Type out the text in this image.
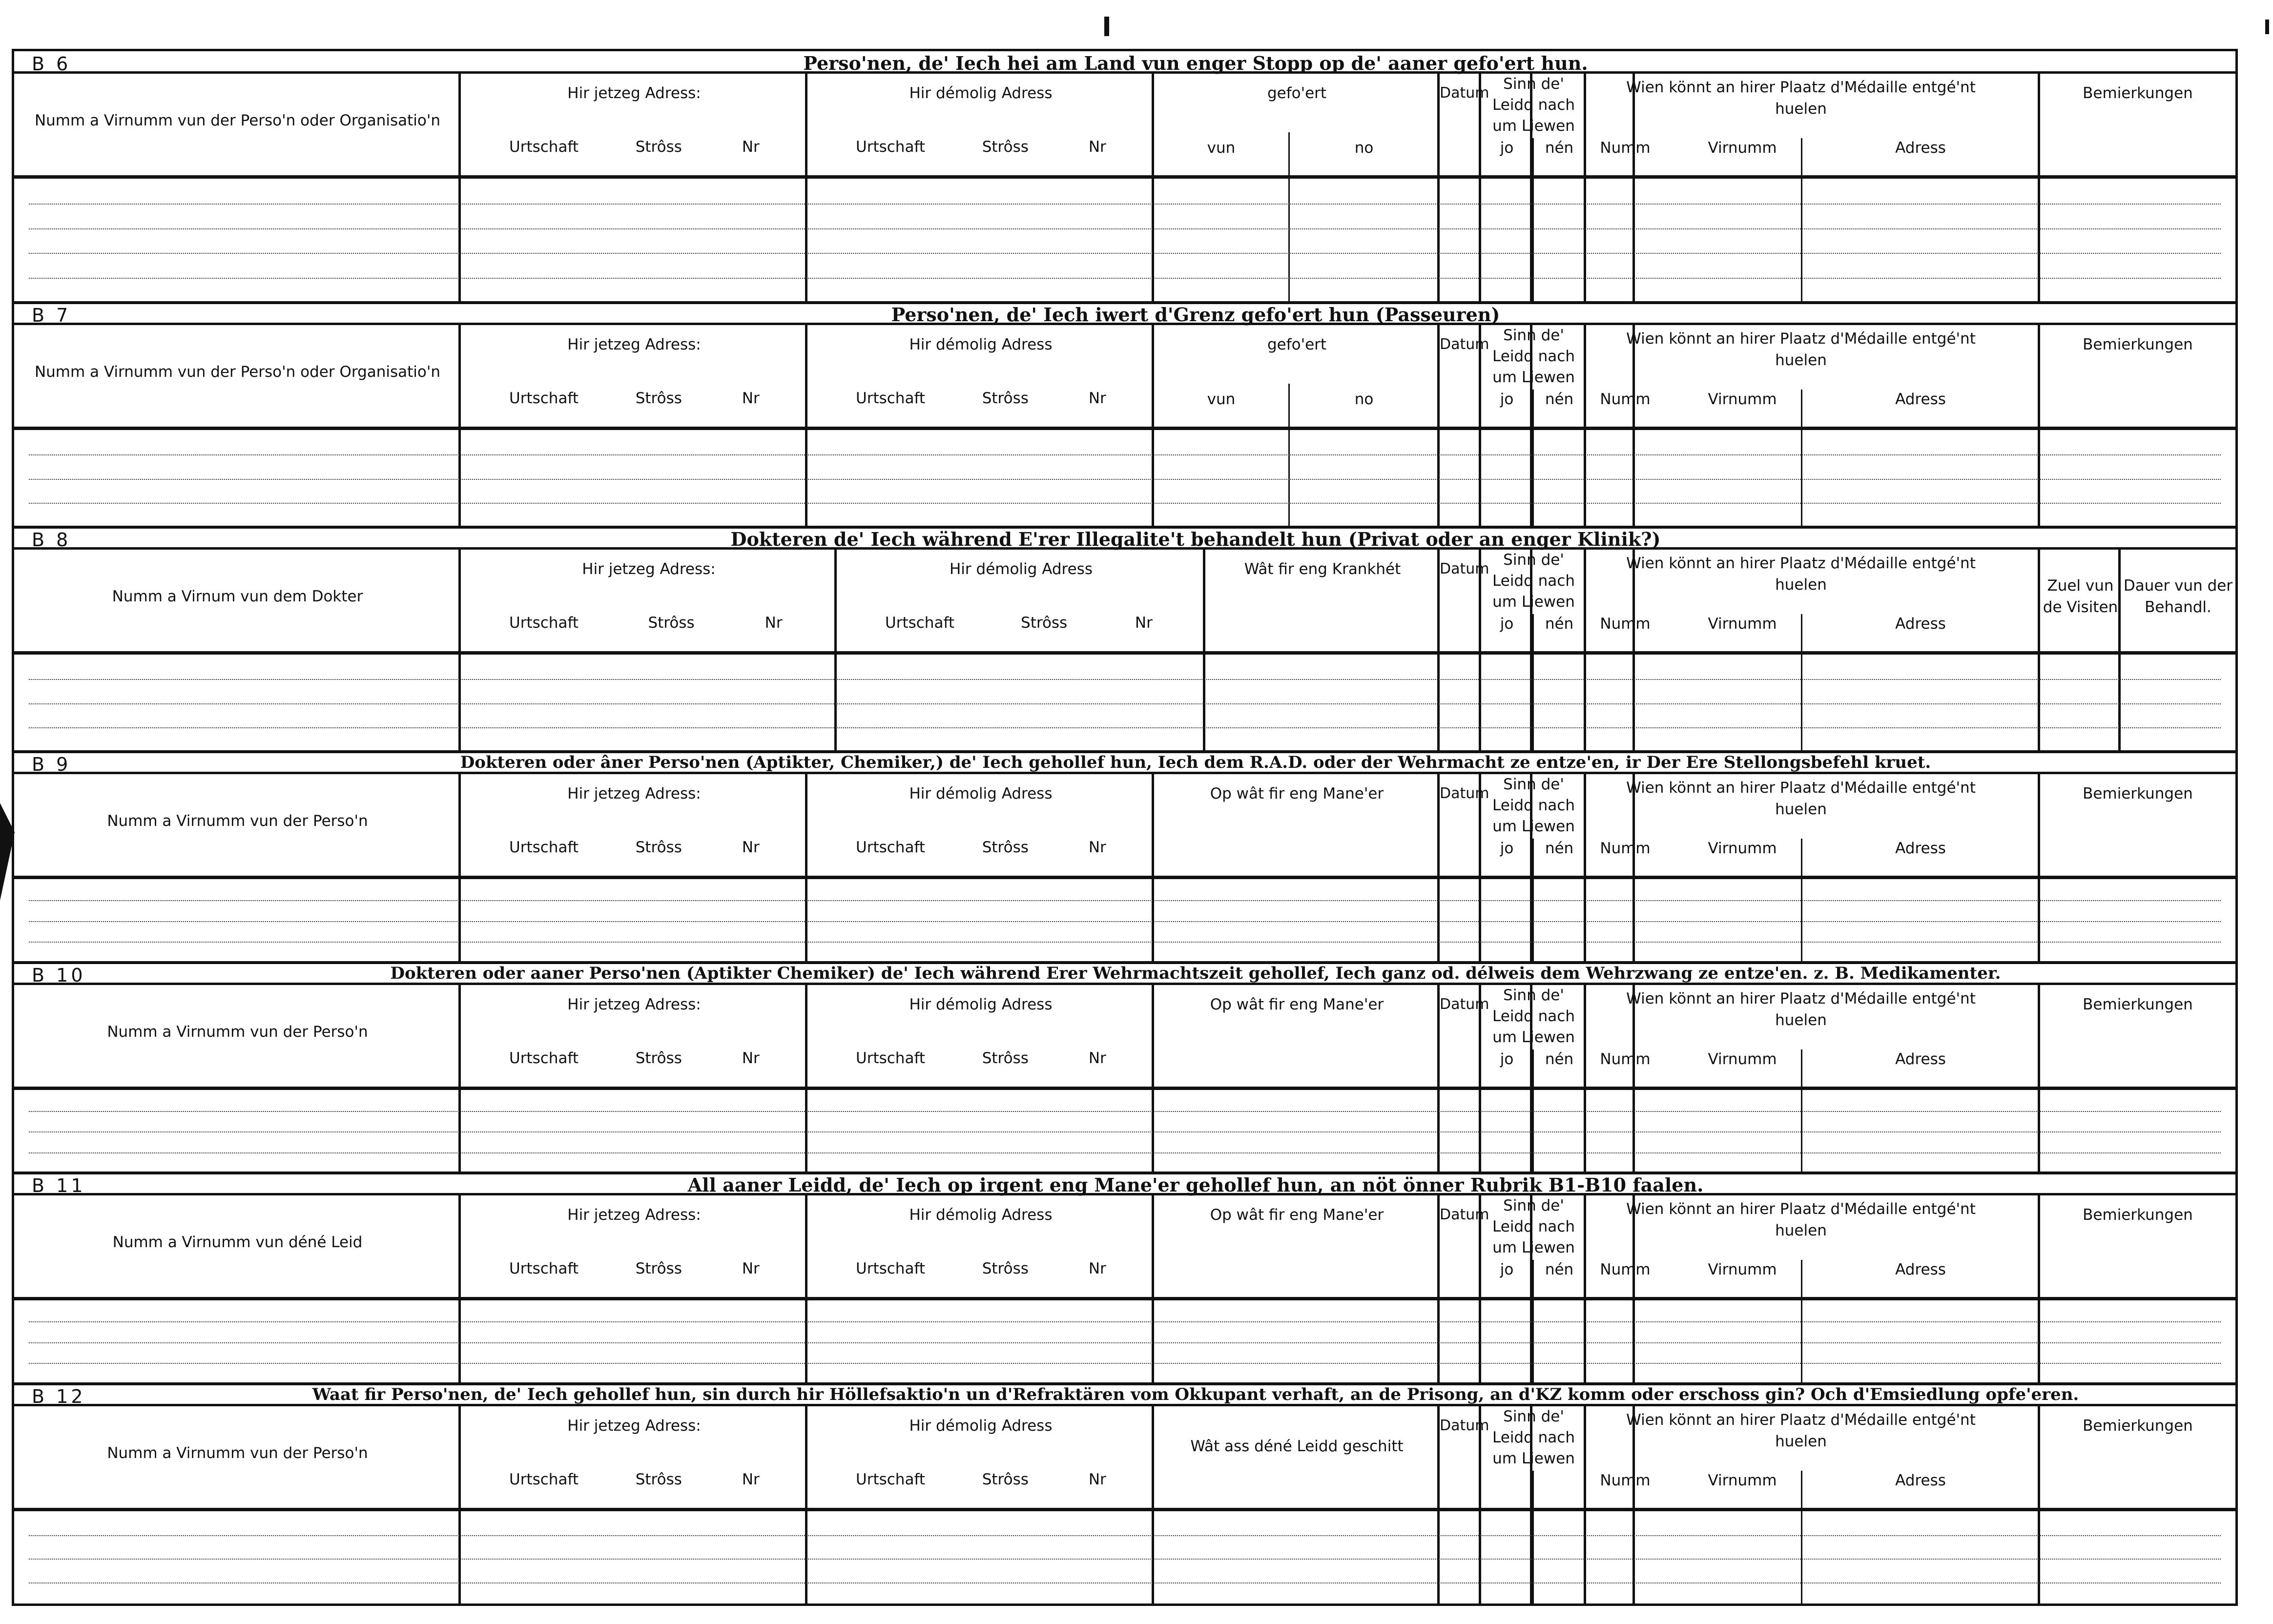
B 6	Perso'nen, de' Iech hei am Land vun enger Stopp op de' aaner gefo'ert hun.
Numm a Virnumm vun der Perso'n oder Organisatio'n
Hir jetzeg Adress:
Urtschaft	Strôss	Nr
Hir démolig Adress
Urtschaft	Strôss	Nr
gefo'ert
vun	no
Datum
Sinn de' Leidd nach um Liewen
jo	nén
Wien könnt an hirer Plaatz d'Médaille entgé'nt huelen
Numm	Virnumm	Adress
Bemierkungen
B 7	Perso'nen, de' Iech iwert d'Grenz gefo'ert hun (Passeuren)
Numm a Virnumm vun der Perso'n oder Organisatio'n
Hir jetzeg Adress:
Urtschaft	Strôss	Nr
Hir démolig Adress
Urtschaft	Strôss	Nr
gefo'ert
vun	no
Datum
Sinn de' Leidd nach um Liewen
jo	nén
Wien könnt an hirer Plaatz d'Médaille entgé'nt huelen
Numm	Virnumm	Adress
Bemierkungen
B 8	Dokteren de' Iech während E'rer Illegalite't behandelt hun (Privat oder an enger Klinik?)
Numm a Virnum vun dem Dokter
Hir jetzeg Adress:
Urtschaft	Strôss	Nr
Hir démolig Adress
Urtschaft	Strôss	Nr
Wât fir eng Krankhét	Datum
Sinn de' Leidd nach um Liewen
jo	nén
Wien könnt an hirer Plaatz d'Médaille entgé'nt huelen
Numm	Virnumm	Adress
Zuel vun de Visiten
Dauer vun der Behandl.
B 9	Dokteren oder âner Perso'nen (Aptikter, Chemiker,) de' Iech gehollef hun, Iech dem R.A.D. oder der Wehrmacht ze entze'en, ir Der Ere Stellongsbefehl kruet.
Numm a Virnumm vun der Perso'n
Hir jetzeg Adress:
Urtschaft	Strôss	Nr
Hir démolig Adress
Urtschaft	Strôss	Nr
Op wât fir eng Mane'er	Datum
Sinn de' Leidd nach um Liewen
jo	nén
Wien könnt an hirer Plaatz d'Médaille entgé'nt huelen
Numm	Virnumm	Adress
Bemierkungen
B 10	Dokteren oder aaner Perso'nen (Aptikter Chemiker) de' Iech während Erer Wehrmachtszeit gehollef, Iech ganz od. délweis dem Wehrzwang ze entze'en. z. B. Medikamenter.
Numm a Virnumm vun der Perso'n
Hir jetzeg Adress:
Urtschaft	Strôss	Nr
Hir démolig Adress
Urtschaft	Strôss	Nr
Op wât fir eng Mane'er	Datum
Sinn de' Leidd nach um Liewen
jo	nén
Wien könnt an hirer Plaatz d'Médaille entgé'nt huelen
Numm	Virnumm	Adress
Bemierkungen
B 11	All aaner Leidd, de' Iech op irgent eng Mane'er gehollef hun, an nöt önner Rubrik B1-B10 faalen.
Numm a Virnumm vun déné Leid
Hir jetzeg Adress:
Urtschaft	Strôss	Nr
Hir démolig Adress
Urtschaft	Strôss	Nr
Op wât fir eng Mane'er	Datum
Sinn de' Leidd nach um Liewen
jo	nén
Wien könnt an hirer Plaatz d'Médaille entgé'nt huelen
Numm	Virnumm	Adress
Bemierkungen
B 12	Waat fir Perso'nen, de' Iech gehollef hun, sin durch hir Höllefsaktio'n un d'Refraktären vom Okkupant verhaft, an de Prisong, an d'KZ komm oder erschoss gin? Och d'Emsiedlung opfe'eren.
Numm a Virnumm vun der Perso'n
Hir jetzeg Adress:
Urtschaft	Strôss	Nr
Hir démolig Adress
Urtschaft	Strôss	Nr
Wât ass déné Leidd geschitt
Datum
Sinn de' Leidd nach um Liewen
Wien könnt an hirer Plaatz d'Médaille entgé'nt huelen
Numm	Virnumm	Adress
Bemierkungen
